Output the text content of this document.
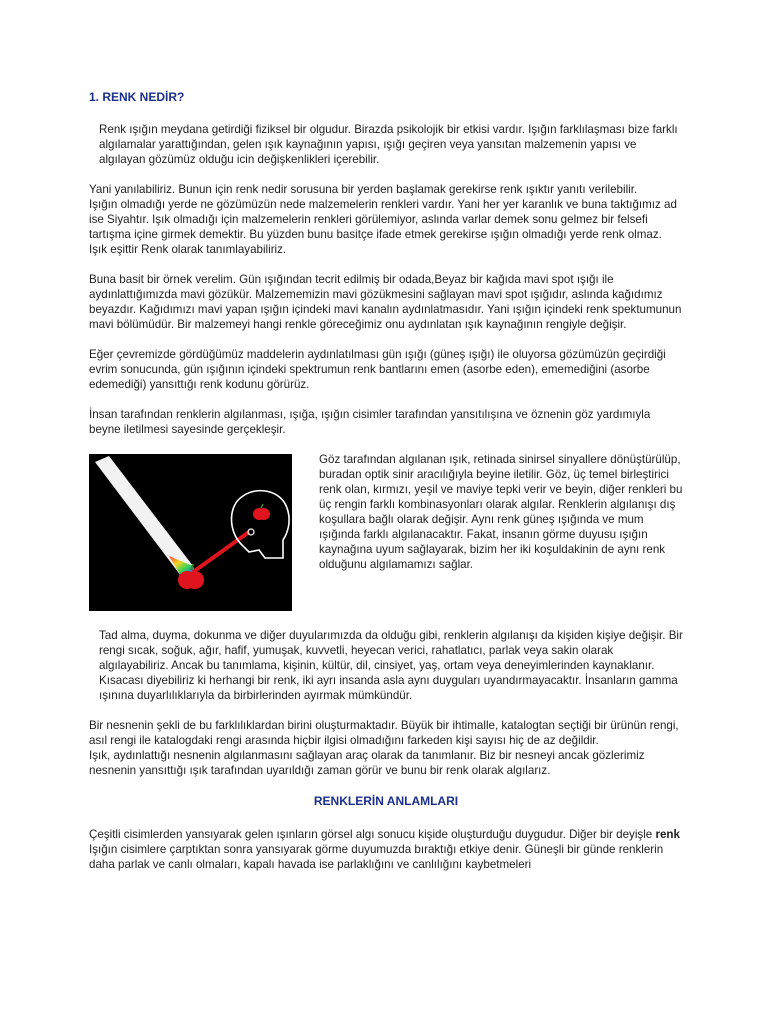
1. RENK NEDİR?

Renk ışığın meydana getirdiği fiziksel bir olgudur. Birazda psikolojik bir etkisi vardır. Işığın farklılaşması bize farklı algılamalar yarattığından, gelen ışık kaynağının yapısı, ışığı geçiren veya yansıtan malzemenin yapısı ve algılayan gözümüz olduğu icin değişkenlikleri içerebilir.

Yani yanılabiliriz. Bunun için renk nedir sorusuna bir yerden başlamak gerekirse renk ışıktır yanıtı verilebilir.

Işığın olmadığı yerde ne gözümüzün nede malzemelerin renkleri vardır. Yani her yer karanlık ve buna taktığımız ad ise Siyahtır. Işık olmadığı için malzemelerin renkleri görülemiyor, aslında varlar demek sonu gelmez bir felsefi tartışma içine girmek demektir. Bu yüzden bunu basitçe ifade etmek gerekirse ışığın olmadığı yerde renk olmaz. Işık eşittir Renk olarak tanımlayabiliriz.

Buna basit bir örnek verelim. Gün ışığından tecrit edilmiş bir odada,Beyaz bir kağıda mavi spot ışığı ile aydınlattığımızda mavi gözükür. Malzememizin mavi gözükmesini sağlayan mavi spot ışığıdır, aslında kağıdımız beyazdır. Kağıdımızı mavi yapan ışığın içindeki mavi kanalın aydınlatmasıdır. Yani ışığın içindeki renk spektumunun mavi bölümüdür. Bir malzemeyi hangi renkle göreceğimiz onu aydınlatan ışık kaynağının rengiyle değişir.

Eğer çevremizde gördüğümüz maddelerin aydınlatılması gün ışığı (güneş ışığı) ile oluyorsa gözümüzün geçirdiği evrim sonucunda, gün ışığının içindeki spektrumun renk bantlarını emen (asorbe eden), ememediğini (asorbe edemediği) yansıttığı renk kodunu görürüz.

İnsan tarafından renklerin algılanması, ışığa, ışığın cisimler tarafından yansıtılışına ve öznenin göz yardımıyla beyne iletilmesi sayesinde gerçekleşir.

Göz tarafından algılanan ışık, retinada sinirsel sinyallere dönüştürülüp, buradan optik sinir aracılığıyla beyine iletilir. Göz, üç temel birleştirici renk olan, kırmızı, yeşil ve maviye tepki verir ve beyin, diğer renkleri bu üç rengin farklı kombinasyonları olarak algılar. Renklerin algılanışı dış koşullara bağlı olarak değişir. Aynı renk güneş ışığında ve mum ışığında farklı algılanacaktır. Fakat, insanın görme duyusu ışığın kaynağına uyum sağlayarak, bizim her iki koşuldakinin de aynı renk olduğunu algılamamızı sağlar.

Tad alma, duyma, dokunma ve diğer duyularımızda da olduğu gibi, renklerin algılanışı da kişiden kişiye değişir. Bir rengi sıcak, soğuk, ağır, hafif, yumuşak, kuvvetli, heyecan verici, rahatlatıcı, parlak veya sakin olarak algılayabiliriz. Ancak bu tanımlama, kişinin, kültür, dil, cinsiyet, yaş, ortam veya deneyimlerinden kaynaklanır. Kısacası diyebiliriz ki herhangi bir renk, iki ayrı insanda asla aynı duyguları uyandırmayacaktır. İnsanların gamma ışınına duyarlılıklarıyla da birbirlerinden ayırmak mümkündür.

Bir nesnenin şekli de bu farklılıklardan birini oluşturmaktadır. Büyük bir ihtimalle, katalogtan seçtiği bir ürünün rengi, asıl rengi ile katalogdaki rengi arasında hiçbir ilgisi olmadığını farkeden kişi sayısı hiç de az değildir.

Işık, aydınlattığı nesnenin algılanmasını sağlayan araç olarak da tanımlanır. Biz bir nesneyi ancak gözlerimiz nesnenin yansıttığı ışık tarafından uyarıldığı zaman görür ve bunu bir renk olarak algılarız.

RENKLERİN ANLAMLARI

Çeşitli cisimlerden yansıyarak gelen ışınların görsel algı sonucu kişide oluşturduğu duygudur. Diğer bir deyişle renk Işığın cisimlere çarptıktan sonra yansıyarak görme duyumuzda bıraktığı etkiye denir. Güneşli bir günde renklerin daha parlak ve canlı olmaları, kapalı havada ise parlaklığını ve canlılığını kaybetmeleri
